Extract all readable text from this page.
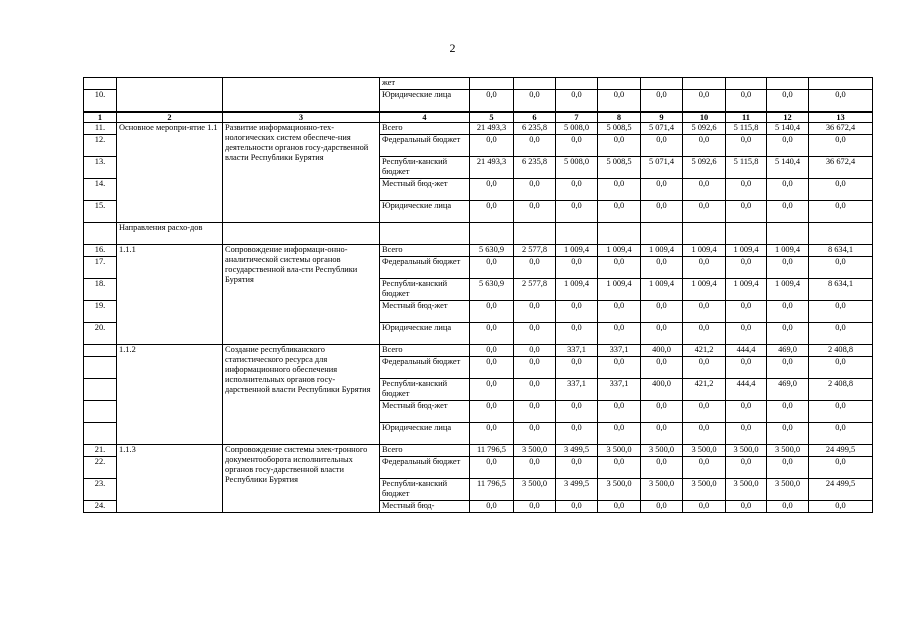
2
			жет									
10.			Юридические лица	0,0	0,0	0,0	0,0	0,0	0,0	0,0	0,0	0,0
1	2	3	4	5	6	7	8	9	10	11	12	13
11.	Основное меропри-ятие 1.1	Развитие информационно-тех-нологических систем обеспече-ния деятельности органов госу-дарственной власти Республики Бурятия	Всего	21 493,3	6 235,8	5 008,0	5 008,5	5 071,4	5 092,6	5 115,8	5 140,4	36 672,4
12.			Федеральный бюджет	0,0	0,0	0,0	0,0	0,0	0,0	0,0	0,0	0,0
13.			Республи-канский бюджет	21 493,3	6 235,8	5 008,0	5 008,5	5 071,4	5 092,6	5 115,8	5 140,4	36 672,4
14.			Местный бюд-жет	0,0	0,0	0,0	0,0	0,0	0,0	0,0	0,0	0,0
15.			Юридические лица	0,0	0,0	0,0	0,0	0,0	0,0	0,0	0,0	0,0
	Направления расхо-дов											
16.	1.1.1	Сопровождение информаци-онно-аналитической системы органов государственной вла-сти Республики Бурятия	Всего	5 630,9	2 577,8	1 009,4	1 009,4	1 009,4	1 009,4	1 009,4	1 009,4	8 634,1
17.			Федеральный бюджет	0,0	0,0	0,0	0,0	0,0	0,0	0,0	0,0	0,0
18.			Республи-канский бюджет	5 630,9	2 577,8	1 009,4	1 009,4	1 009,4	1 009,4	1 009,4	1 009,4	8 634,1
19.			Местный бюд-жет	0,0	0,0	0,0	0,0	0,0	0,0	0,0	0,0	0,0
20.			Юридические лица	0,0	0,0	0,0	0,0	0,0	0,0	0,0	0,0	0,0
	1.1.2	Создание республиканского статистического ресурса для информационного обеспечения исполнительных органов госу-дарственной власти Республики Бурятия	Всего	0,0	0,0	337,1	337,1	400,0	421,2	444,4	469,0	2 408,8
			Федеральный бюджет	0,0	0,0	0,0	0,0	0,0	0,0	0,0	0,0	0,0
			Республи-канский бюджет	0,0	0,0	337,1	337,1	400,0	421,2	444,4	469,0	2 408,8
			Местный бюд-жет	0,0	0,0	0,0	0,0	0,0	0,0	0,0	0,0	0,0
			Юридические лица	0,0	0,0	0,0	0,0	0,0	0,0	0,0	0,0	0,0
21.	1.1.3	Сопровождение системы элек-тронного документооборота исполнительных органов госу-дарственной власти Республики Бурятия	Всего	11 796,5	3 500,0	3 499,5	3 500,0	3 500,0	3 500,0	3 500,0	3 500,0	24 499,5
22.			Федеральный бюджет	0,0	0,0	0,0	0,0	0,0	0,0	0,0	0,0	0,0
23.			Республи-канский бюджет	11 796,5	3 500,0	3 499,5	3 500,0	3 500,0	3 500,0	3 500,0	3 500,0	24 499,5
24.			Местный бюд-	0,0	0,0	0,0	0,0	0,0	0,0	0,0	0,0	0,0
